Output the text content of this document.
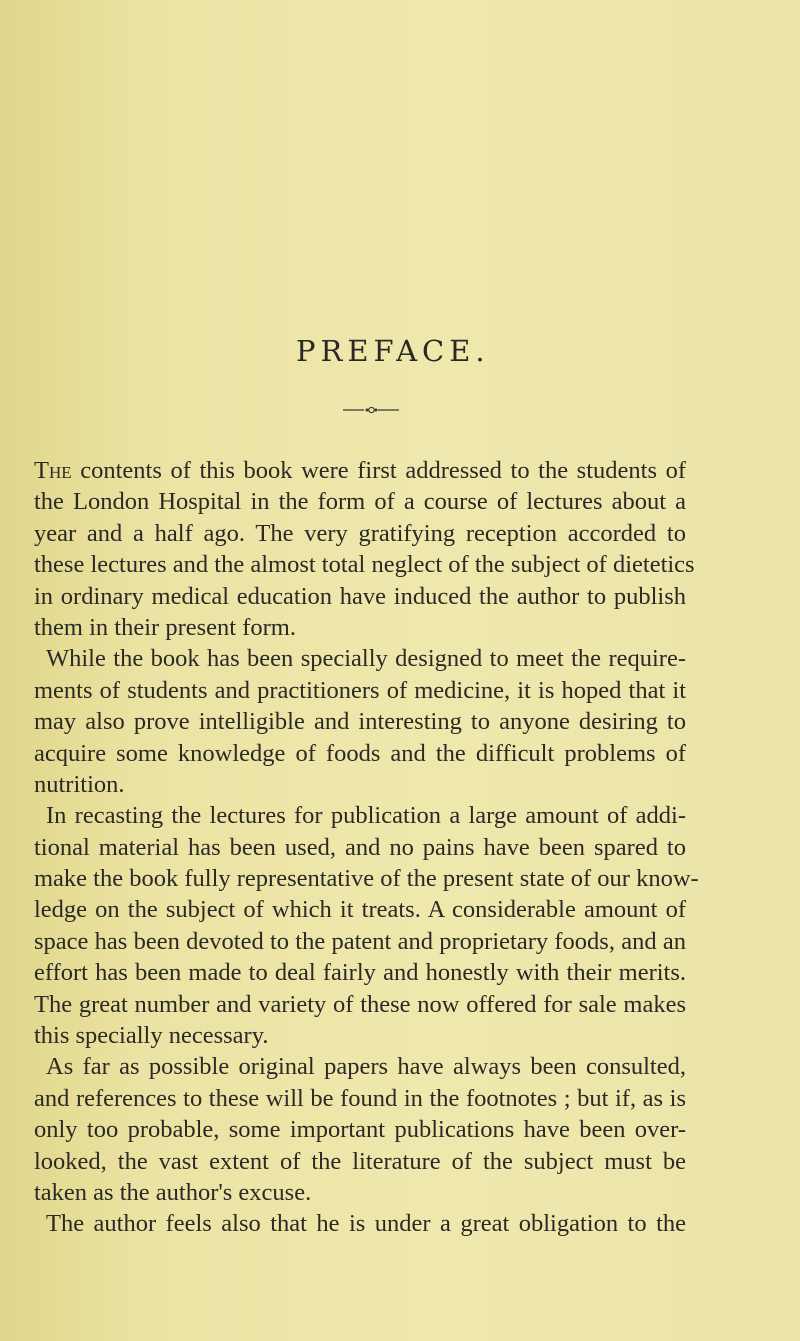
PREFACE.

The contents of this book were first addressed to the students of
the London Hospital in the form of a course of lectures about a
year and a half ago. The very gratifying reception accorded to
these lectures and the almost total neglect of the subject of dietetics
in ordinary medical education have induced the author to publish
them in their present form.

While the book has been specially designed to meet the require-
ments of students and practitioners of medicine, it is hoped that it
may also prove intelligible and interesting to anyone desiring to
acquire some knowledge of foods and the difficult problems of
nutrition.

In recasting the lectures for publication a large amount of addi-
tional material has been used, and no pains have been spared to
make the book fully representative of the present state of our know-
ledge on the subject of which it treats. A considerable amount of
space has been devoted to the patent and proprietary foods, and an
effort has been made to deal fairly and honestly with their merits.
The great number and variety of these now offered for sale makes
this specially necessary.

As far as possible original papers have always been consulted,
and references to these will be found in the footnotes ; but if, as is
only too probable, some important publications have been over-
looked, the vast extent of the literature of the subject must be
taken as the author's excuse.

The author feels also that he is under a great obligation to the
